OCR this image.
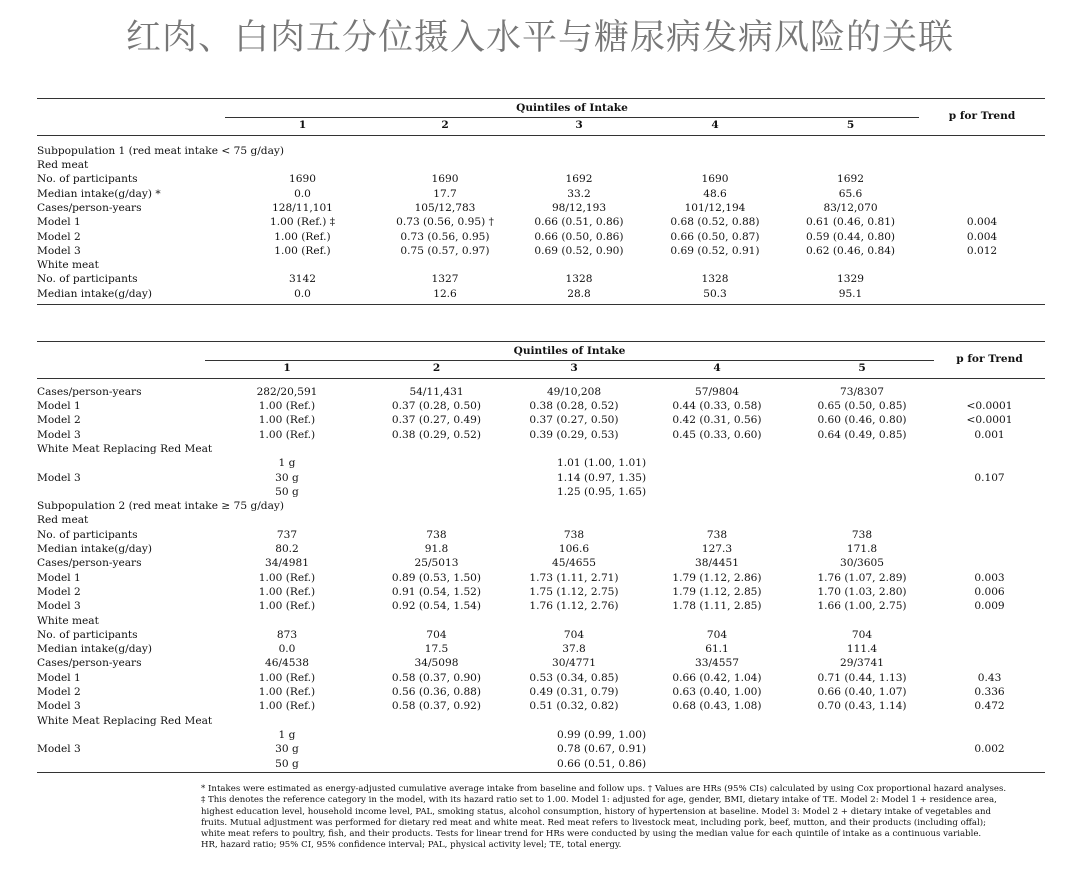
红肉、白肉五分位摄入水平与糖尿病发病风险的关联
	Quintiles of Intake					p for Trend
	1	2	3	4	5	

Subpopulation 1 (red meat intake < 75 g/day)						
Red meat						
No. of participants	1690	1690	1692	1690	1692	
Median intake(g/day) *	0.0	17.7	33.2	48.6	65.6	
Cases/person-years	128/11,101	105/12,783	98/12,193	101/12,194	83/12,070	
Model 1	1.00 (Ref.) ‡	0.73 (0.56, 0.95) †	0.66 (0.51, 0.86)	0.68 (0.52, 0.88)	0.61 (0.46, 0.81)	0.004
Model 2	1.00 (Ref.)	0.73 (0.56, 0.95)	0.66 (0.50, 0.86)	0.66 (0.50, 0.87)	0.59 (0.44, 0.80)	0.004
Model 3	1.00 (Ref.)	0.75 (0.57, 0.97)	0.69 (0.52, 0.90)	0.69 (0.52, 0.91)	0.62 (0.46, 0.84)	0.012
White meat						
No. of participants	3142	1327	1328	1328	1329	
Median intake(g/day)	0.0	12.6	28.8	50.3	95.1	

	Quintiles of Intake					p for Trend
	1	2	3	4	5	

Cases/person-years	282/20,591	54/11,431	49/10,208	57/9804	73/8307	
Model 1	1.00 (Ref.)	0.37 (0.28, 0.50)	0.38 (0.28, 0.52)	0.44 (0.33, 0.58)	0.65 (0.50, 0.85)	<0.0001
Model 2	1.00 (Ref.)	0.37 (0.27, 0.49)	0.37 (0.27, 0.50)	0.42 (0.31, 0.56)	0.60 (0.46, 0.80)	<0.0001
Model 3	1.00 (Ref.)	0.38 (0.29, 0.52)	0.39 (0.29, 0.53)	0.45 (0.33, 0.60)	0.64 (0.49, 0.85)	0.001
White Meat Replacing Red Meat						
	1 g		1.01 (1.00, 1.01)			
Model 3	30 g		1.14 (0.97, 1.35)			0.107
	50 g		1.25 (0.95, 1.65)			
Subpopulation 2 (red meat intake ≥ 75 g/day)						
Red meat						
No. of participants	737	738	738	738	738	
Median intake(g/day)	80.2	91.8	106.6	127.3	171.8	
Cases/person-years	34/4981	25/5013	45/4655	38/4451	30/3605	
Model 1	1.00 (Ref.)	0.89 (0.53, 1.50)	1.73 (1.11, 2.71)	1.79 (1.12, 2.86)	1.76 (1.07, 2.89)	0.003
Model 2	1.00 (Ref.)	0.91 (0.54, 1.52)	1.75 (1.12, 2.75)	1.79 (1.12, 2.85)	1.70 (1.03, 2.80)	0.006
Model 3	1.00 (Ref.)	0.92 (0.54, 1.54)	1.76 (1.12, 2.76)	1.78 (1.11, 2.85)	1.66 (1.00, 2.75)	0.009
White meat						
No. of participants	873	704	704	704	704	
Median intake(g/day)	0.0	17.5	37.8	61.1	111.4	
Cases/person-years	46/4538	34/5098	30/4771	33/4557	29/3741	
Model 1	1.00 (Ref.)	0.58 (0.37, 0.90)	0.53 (0.34, 0.85)	0.66 (0.42, 1.04)	0.71 (0.44, 1.13)	0.43
Model 2	1.00 (Ref.)	0.56 (0.36, 0.88)	0.49 (0.31, 0.79)	0.63 (0.40, 1.00)	0.66 (0.40, 1.07)	0.336
Model 3	1.00 (Ref.)	0.58 (0.37, 0.92)	0.51 (0.32, 0.82)	0.68 (0.43, 1.08)	0.70 (0.43, 1.14)	0.472
White Meat Replacing Red Meat						
	1 g		0.99 (0.99, 1.00)			
Model 3	30 g		0.78 (0.67, 0.91)			0.002
	50 g		0.66 (0.51, 0.86)			

* Intakes were estimated as energy-adjusted cumulative average intake from baseline and follow ups. † Values are HRs (95% CIs) calculated by using Cox proportional hazard analyses.

‡ This denotes the reference category in the model, with its hazard ratio set to 1.00. Model 1: adjusted for age, gender, BMI, dietary intake of TE. Model 2: Model 1 + residence area,

highest education level, household income level, PAL, smoking status, alcohol consumption, history of hypertension at baseline. Model 3: Model 2 + dietary intake of vegetables and

fruits. Mutual adjustment was performed for dietary red meat and white meat. Red meat refers to livestock meat, including pork, beef, mutton, and their products (including offal);

white meat refers to poultry, fish, and their products. Tests for linear trend for HRs were conducted by using the median value for each quintile of intake as a continuous variable.

HR, hazard ratio; 95% CI, 95% confidence interval; PAL, physical activity level; TE, total energy.
